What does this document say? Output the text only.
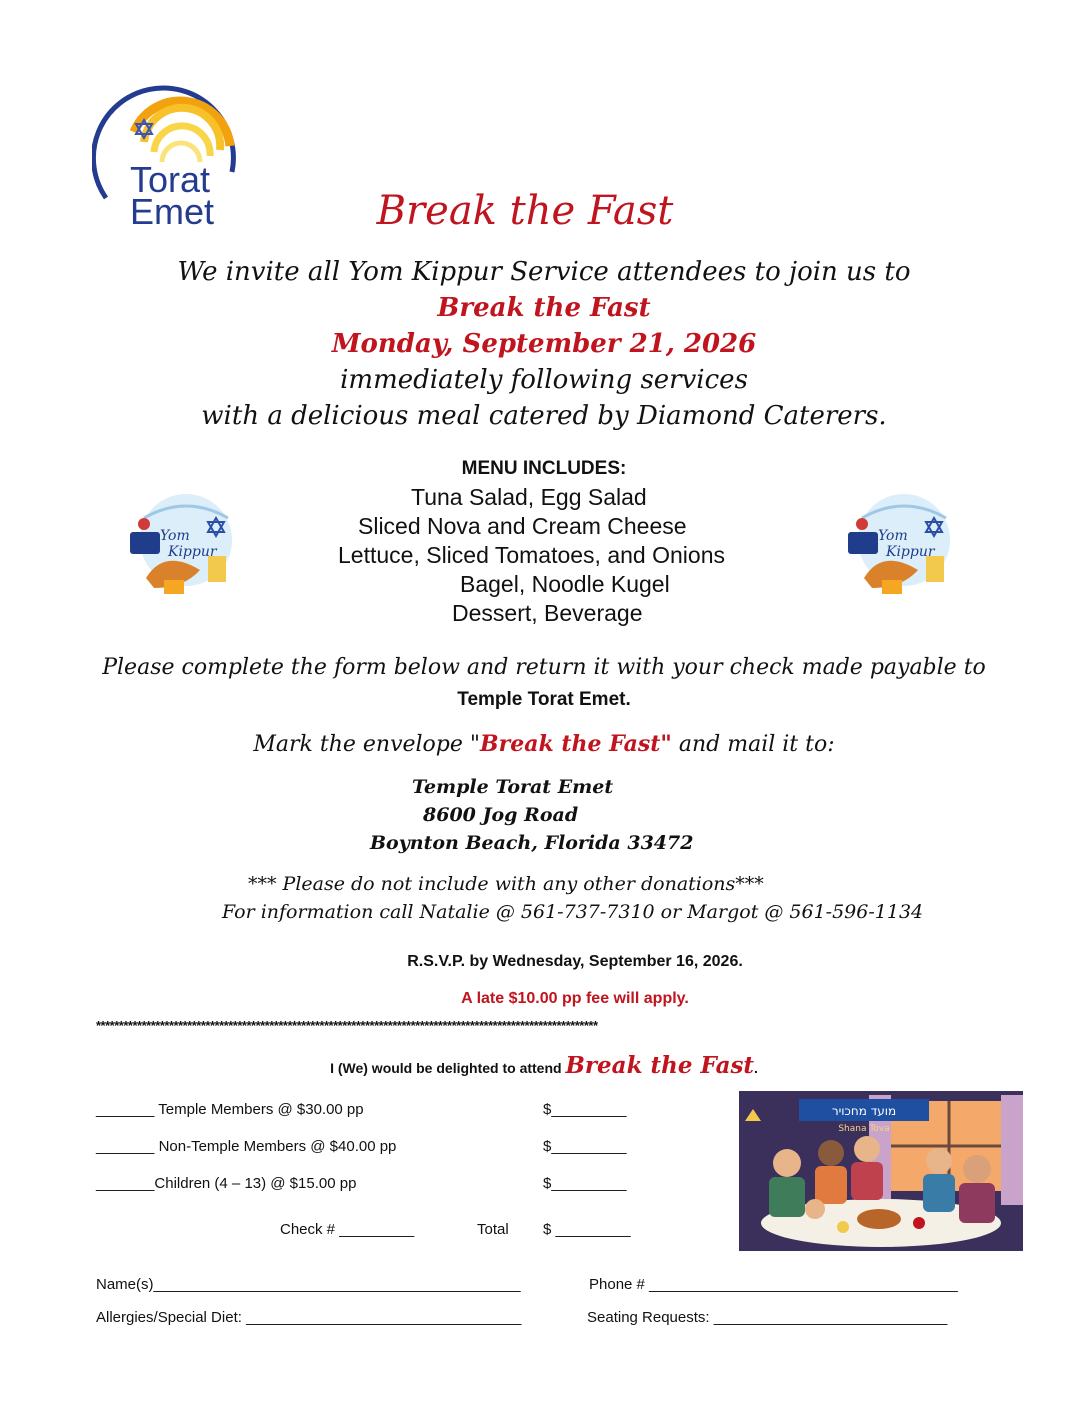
Torat
Emet	Break the Fast
We invite all Yom Kippur Service attendees to join us to
Break the Fast
Monday, September 21, 2026
immediately following services
with a delicious meal catered by Diamond Caterers.
MENU INCLUDES:
Tuna Salad, Egg Salad
Sliced Nova and Cream Cheese
Lettuce, Sliced Tomatoes, and Onions
Bagel, Noodle Kugel
Dessert, Beverage
Yom
Kippur
Yom
Kippur
Please complete the form below and return it with your check made payable to
Temple Torat Emet.
Mark the envelope "Break the Fast" and mail it to:
Temple Torat Emet
8600 Jog Road
Boynton Beach, Florida 33472
*** Please do not include with any other donations***
For information call Natalie @ 561-737-7310 or Margot @ 561-596-1134
R.S.V.P. by Wednesday, September 16, 2026.
A late $10.00 pp fee will apply.
**************************************************************************************************************
I (We) would be delighted to attend Break the Fast.
_______ Temple Members @ $30.00 pp	$_________
_______ Non-Temple Members @ $40.00 pp	$_________
_______Children (4 – 13) @ $15.00 pp	$_________
Check # _________	Total $ _________
מועד מחכויר
Shana Tova
Name(s)____________________________________________	Phone # _____________________________________
Allergies/Special Diet: _________________________________	Seating Requests: ____________________________
